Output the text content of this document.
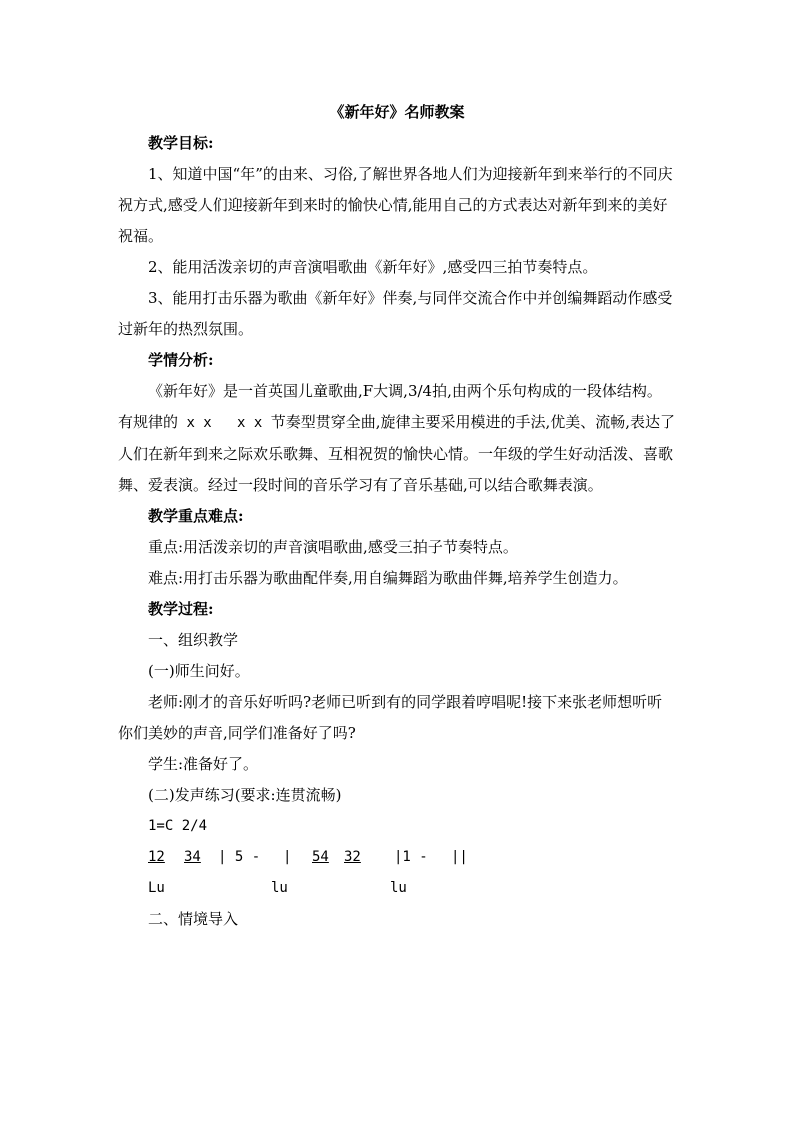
《新年好》名师教案

教学目标:

1、知道中国“年”的由来、习俗,了解世界各地人们为迎接新年到来举行的不同庆祝方式,感受人们迎接新年到来时的愉快心情,能用自己的方式表达对新年到来的美好祝福。

2、能用活泼亲切的声音演唱歌曲《新年好》,感受四三拍节奏特点。

3、能用打击乐器为歌曲《新年好》伴奏,与同伴交流合作中并创编舞蹈动作感受过新年的热烈氛围。

学情分析:

《新年好》是一首英国儿童歌曲,F大调,3/4拍,由两个乐句构成的一段体结构。有规律的 x x   x x 节奏型贯穿全曲,旋律主要采用模进的手法,优美、流畅,表达了人们在新年到来之际欢乐歌舞、互相祝贺的愉快心情。一年级的学生好动活泼、喜歌舞、爱表演。经过一段时间的音乐学习有了音乐基础,可以结合歌舞表演。

教学重点难点:

重点:用活泼亲切的声音演唱歌曲,感受三拍子节奏特点。

难点:用打击乐器为歌曲配伴奏,用自编舞蹈为歌曲伴舞,培养学生创造力。

教学过程:

一、组织教学

(一)师生问好。

老师:刚才的音乐好听吗?老师已听到有的同学跟着哼唱呢!接下来张老师想听听你们美妙的声音,同学们准备好了吗?

学生:准备好了。

(二)发声练习(要求:连贯流畅)

1=C 2/4

12 34 | 5 - | 54 32 |1 - ||
Lu	lu	lu

二、情境导入
